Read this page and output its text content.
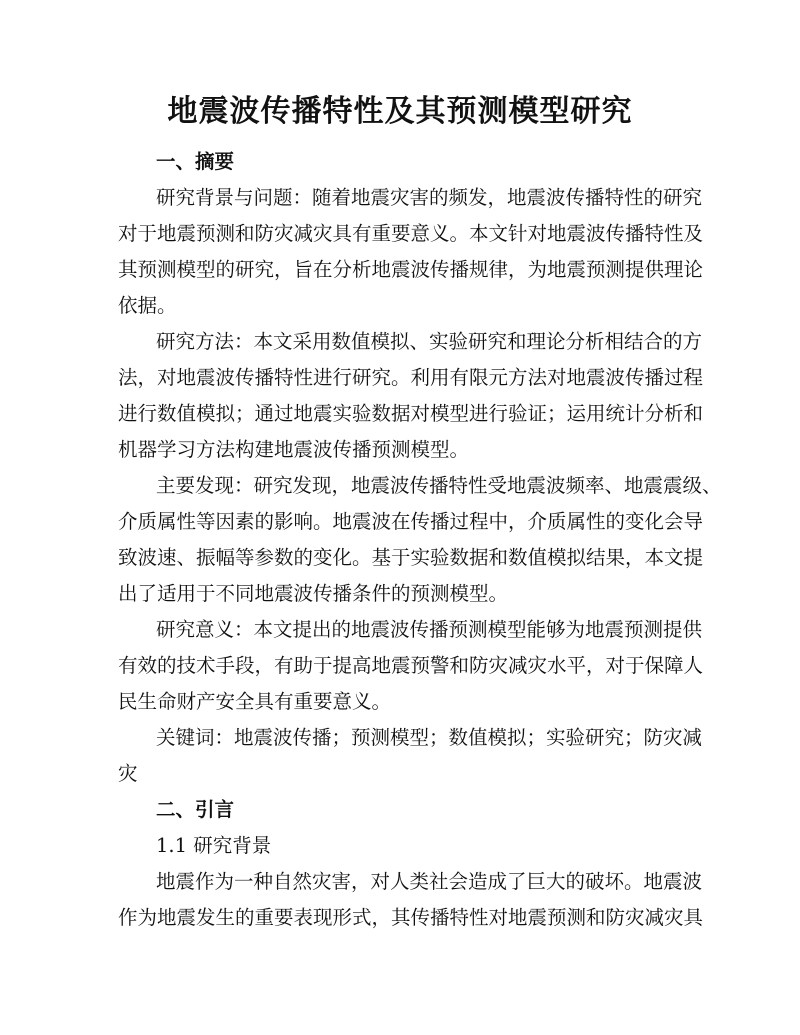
地震波传播特性及其预测模型研究
一、摘要

研究背景与问题：随着地震灾害的频发，地震波传播特性的研究
对于地震预测和防灾减灾具有重要意义。本文针对地震波传播特性及
其预测模型的研究，旨在分析地震波传播规律，为地震预测提供理论
依据。

研究方法：本文采用数值模拟、实验研究和理论分析相结合的方
法，对地震波传播特性进行研究。利用有限元方法对地震波传播过程
进行数值模拟；通过地震实验数据对模型进行验证；运用统计分析和
机器学习方法构建地震波传播预测模型。

主要发现：研究发现，地震波传播特性受地震波频率、地震震级、
介质属性等因素的影响。地震波在传播过程中，介质属性的变化会导
致波速、振幅等参数的变化。基于实验数据和数值模拟结果，本文提
出了适用于不同地震波传播条件的预测模型。

研究意义：本文提出的地震波传播预测模型能够为地震预测提供
有效的技术手段，有助于提高地震预警和防灾减灾水平，对于保障人
民生命财产安全具有重要意义。

关键词：地震波传播；预测模型；数值模拟；实验研究；防灾减
灾

二、引言
1.1 研究背景

地震作为一种自然灾害，对人类社会造成了巨大的破坏。地震波
作为地震发生的重要表现形式，其传播特性对地震预测和防灾减灾具
